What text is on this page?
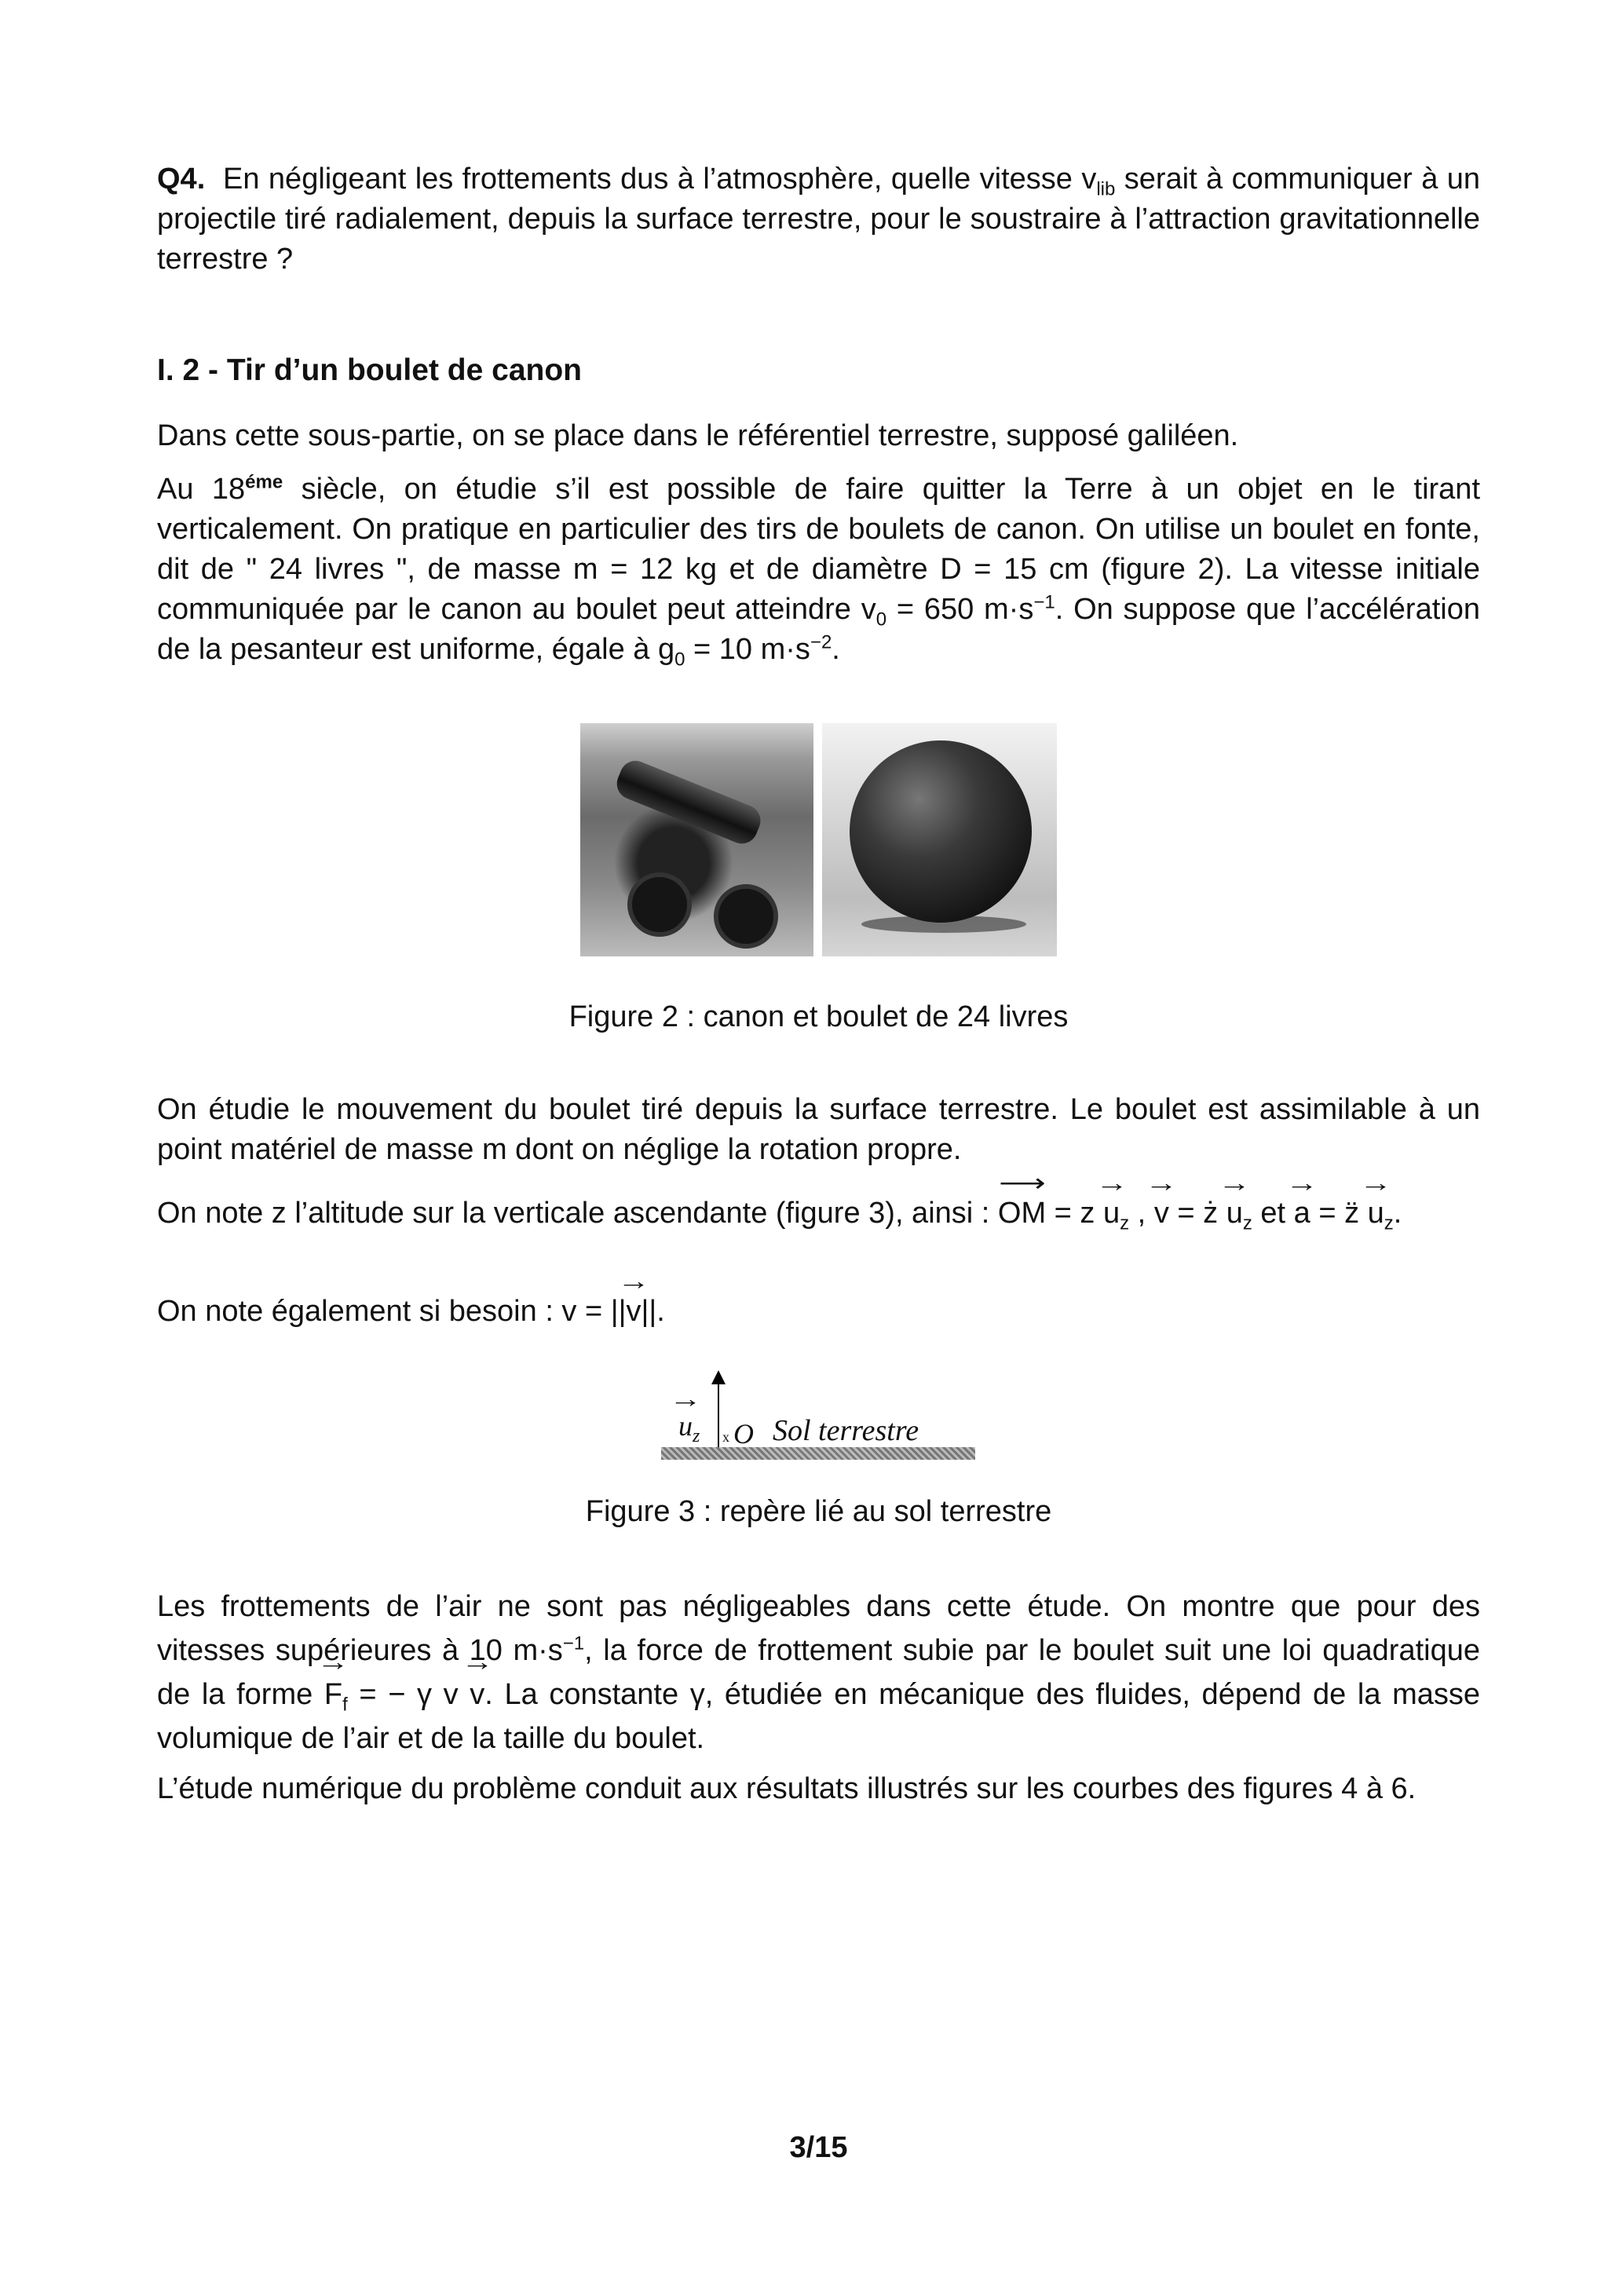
Q4. En négligeant les frottements dus à l’atmosphère, quelle vitesse $v_{lib}$ serait à communiquer à un projectile tiré radialement, depuis la surface terrestre, pour le soustraire à l’attraction gravitationnelle terrestre ?

I. 2 - Tir d’un boulet de canon

Dans cette sous-partie, on se place dans le référentiel terrestre, supposé galiléen.

Au $18^{éme}$ siècle, on étudie s’il est possible de faire quitter la Terre à un objet en le tirant verticalement. On pratique en particulier des tirs de boulets de canon. On utilise un boulet en fonte, dit de " 24 livres ", de masse m = 12 kg et de diamètre D = 15 cm (figure 2). La vitesse initiale communiquée par le canon au boulet peut atteindre $v_0 = 650$ $m\cdot s^{-1}$. On suppose que l’accélération de la pesanteur est uniforme, égale à $g_0 = 10$ $m\cdot s^{-2}$.

Figure 2 : canon et boulet de 24 livres

On étudie le mouvement du boulet tiré depuis la surface terrestre. Le boulet est assimilable à un point matériel de masse m dont on néglige la rotation propre.

On note z l’altitude sur la verticale ascendante (figure 3), ainsi : ⟶ OM = $z \to u_z$ , → v = ż → $u_z$ et → a = z̈ → $u_z$.

On note également si besoin : v = ||→ v||.

→ $u_z$ O Sol terrestre
x

Figure 3 : repère lié au sol terrestre

Les frottements de l’air ne sont pas négligeables dans cette étude. On montre que pour des vitesses supérieures à 10 $m\cdot s^{-1}$, la force de frottement subie par le boulet suit une loi quadratique de la forme → $F_f$ = − γ v → v. La constante γ, étudiée en mécanique des fluides, dépend de la masse volumique de l’air et de la taille du boulet.

L’étude numérique du problème conduit aux résultats illustrés sur les courbes des figures 4 à 6.

3/15
